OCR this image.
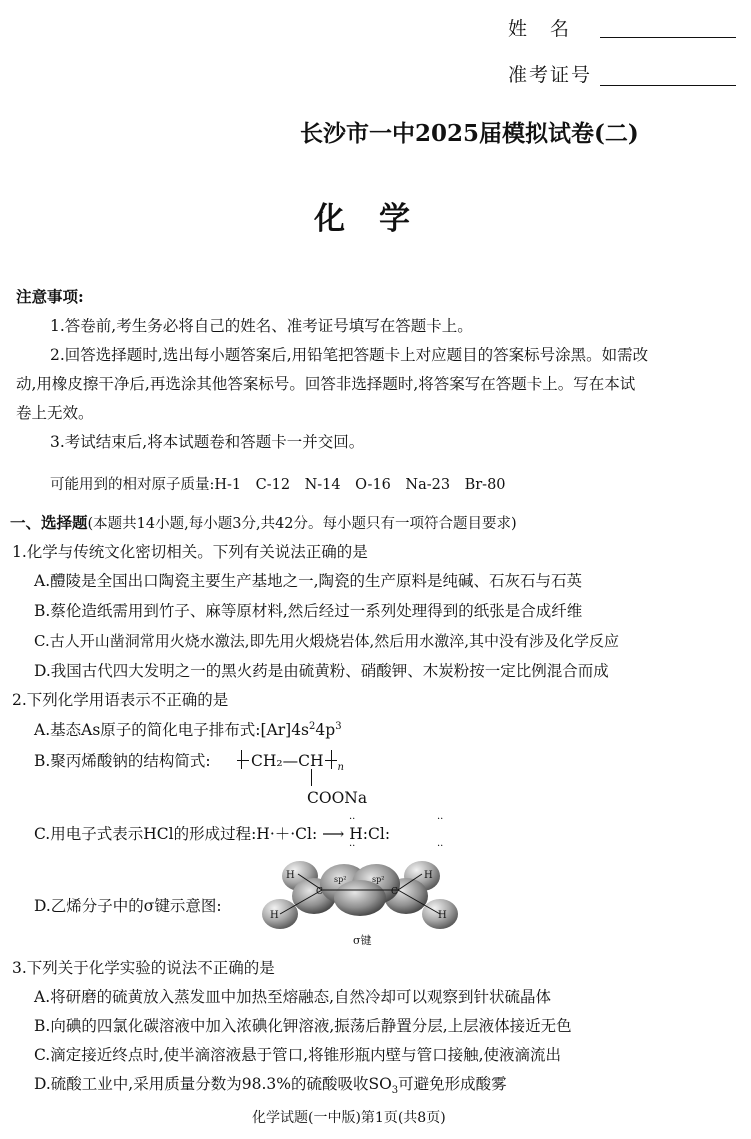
姓　名
准考证号
长沙市一中2025届模拟试卷(二)
化学
注意事项:
1.答卷前,考生务必将自己的姓名、准考证号填写在答题卡上。
2.回答选择题时,选出每小题答案后,用铅笔把答题卡上对应题目的答案标号涂黑。如需改
动,用橡皮擦干净后,再选涂其他答案标号。回答非选择题时,将答案写在答题卡上。写在本试
卷上无效。
3.考试结束后,将本试题卷和答题卡一并交回。
可能用到的相对原子质量:H-1　C-12　N-14　O-16　Na-23　Br-80
一、选择题(本题共14小题,每小题3分,共42分。每小题只有一项符合题目要求)
1.化学与传统文化密切相关。下列有关说法正确的是
A.醴陵是全国出口陶瓷主要生产基地之一,陶瓷的生产原料是纯碱、石灰石与石英
B.蔡伦造纸需用到竹子、麻等原材料,然后经过一系列处理得到的纸张是合成纤维
C.古人开山凿洞常用火烧水激法,即先用火煅烧岩体,然后用水激淬,其中没有涉及化学反应
D.我国古代四大发明之一的黑火药是由硫黄粉、硝酸钾、木炭粉按一定比例混合而成
2.下列化学用语表示不正确的是
A.基态As原子的简化电子排布式$:[Ar]4s^24p^3$
B.聚丙烯酸钠的结构简式:	CH₂—CH $_n$
COONa
C.用电子式表示HCl的形成过程:H·＋·Cl: ⟶ H:Cl:
··
··
··
··
D.乙烯分子中的σ键示意图:
H
H
H
H
C	C
sp²	sp²
σ键
3.下列关于化学实验的说法不正确的是
A.将研磨的硫黄放入蒸发皿中加热至熔融态,自然冷却可以观察到针状硫晶体
B.向碘的四氯化碳溶液中加入浓碘化钾溶液,振荡后静置分层,上层液体接近无色
C.滴定接近终点时,使半滴溶液悬于管口,将锥形瓶内壁与管口接触,使液滴流出
D.硫酸工业中,采用质量分数为98.3%的硫酸吸收$SO_3$可避免形成酸雾
化学试题(一中版)第1页(共8页)
